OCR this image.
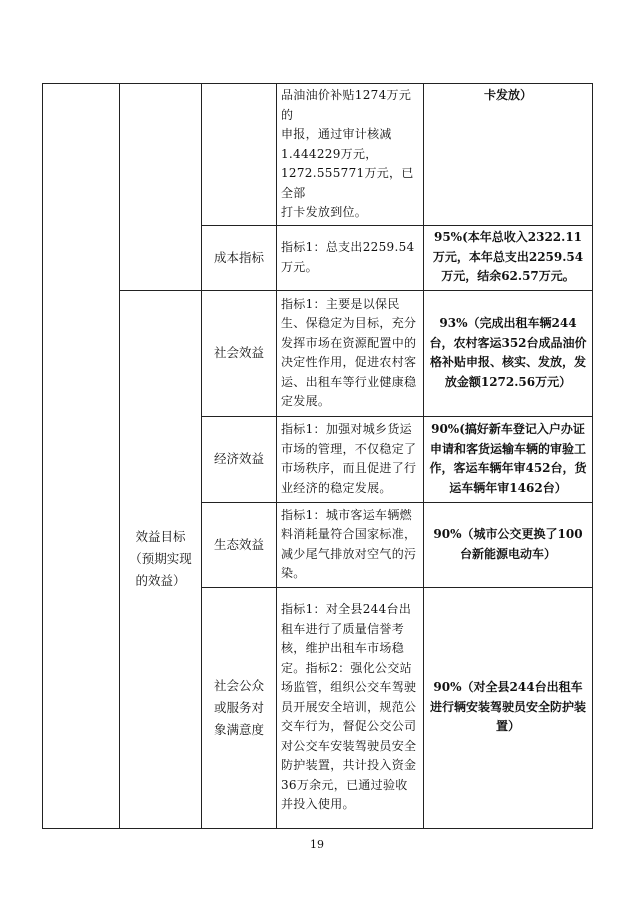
			品油油价补贴1274万元的
申报，通过审计核减
1.444229万元，
1272.555771万元，已全部
打卡发放到位。	卡发放）
		成本指标	指标1：总支出2259.54万元。	95%(本年总收入2322.11万元，本年总支出2259.54万元，结余62.57万元。

	效益目标（预期实现的效益）	社会效益	指标1：主要是以保民生、保稳定为目标，充分发挥市场在资源配置中的决定性作用，促进农村客运、出租车等行业健康稳定发展。	93%（完成出租车辆244台，农村客运352台成品油价格补贴申报、核实、发放，发放金额1272.56万元）
		经济效益	指标1：加强对城乡货运市场的管理，不仅稳定了市场秩序，而且促进了行业经济的稳定发展。	90%(搞好新车登记入户办证申请和客货运输车辆的审验工作，客运车辆年审452台，货运车辆年审1462台）
		生态效益	指标1：城市客运车辆燃料消耗量符合国家标准，减少尾气排放对空气的污染。	90%（城市公交更换了100台新能源电动车）

		社会公众或服务对象满意度	指标1：对全县244台出租车进行了质量信誉考核，维护出租车市场稳定。指标2：强化公交站场监管，组织公交车驾驶员开展安全培训，规范公交车行为，督促公交公司对公交车安装驾驶员安全防护装置，共计投入资金36万余元，已通过验收并投入使用。	90%（对全县244台出租车进行辆安装驾驶员安全防护装置）
19
